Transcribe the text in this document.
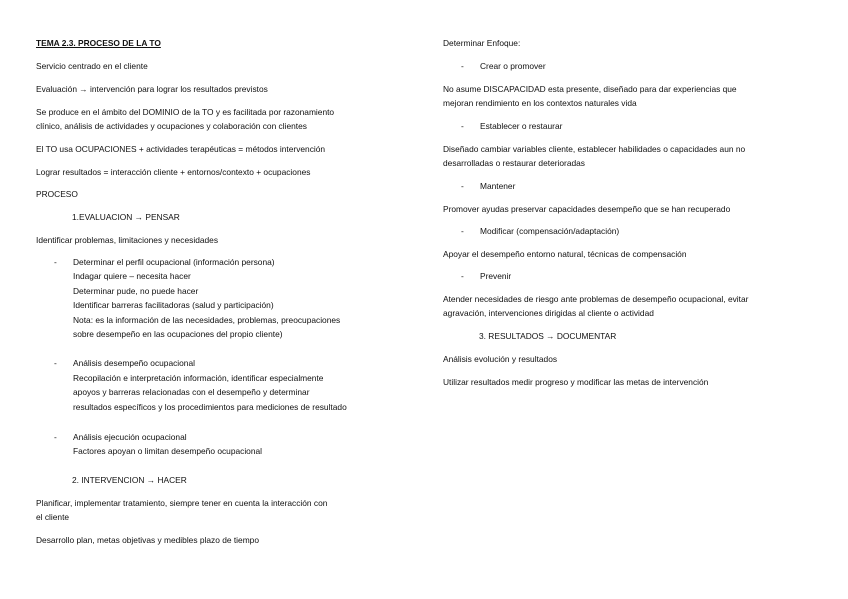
TEMA 2.3. PROCESO DE LA TO
Servicio centrado en el cliente
Evaluación → intervención para lograr los resultados previstos
Se produce en el ámbito del DOMINIO de la TO y es facilitada por razonamiento
clínico, análisis de actividades y ocupaciones y colaboración con clientes
El TO usa OCUPACIONES + actividades terapéuticas = métodos intervención
Lograr resultados = interacción cliente + entornos/contexto + ocupaciones
PROCESO
1.EVALUACION → PENSAR
Identificar problemas, limitaciones y necesidades
- Determinar el perfil ocupacional (información persona)
Indagar quiere – necesita hacer
Determinar pude, no puede hacer
Identificar barreras facilitadoras (salud y participación)
Nota: es la información de las necesidades, problemas, preocupaciones
sobre desempeño en las ocupaciones del propio cliente)
- Análisis desempeño ocupacional
Recopilación e interpretación información, identificar especialmente
apoyos y barreras relacionadas con el desempeño y determinar
resultados específicos y los procedimientos para mediciones de resultado
- Análisis ejecución ocupacional
Factores apoyan o limitan desempeño ocupacional
2. INTERVENCION → HACER
Planificar, implementar tratamiento, siempre tener en cuenta la interacción con
el cliente
Desarrollo plan, metas objetivas y medibles plazo de tiempo
Determinar Enfoque:
- Crear o promover
No asume DISCAPACIDAD esta presente, diseñado para dar experiencias que
mejoran rendimiento en los contextos naturales vida
- Establecer o restaurar
Diseñado cambiar variables cliente, establecer habilidades o capacidades aun no
desarrolladas o restaurar deterioradas
- Mantener
Promover ayudas preservar capacidades desempeño que se han recuperado
- Modificar (compensación/adaptación)
Apoyar el desempeño entorno natural, técnicas de compensación
- Prevenir
Atender necesidades de riesgo ante problemas de desempeño ocupacional, evitar
agravación, intervenciones dirigidas al cliente o actividad
3. RESULTADOS → DOCUMENTAR
Análisis evolución y resultados
Utilizar resultados medir progreso y modificar las metas de intervención
